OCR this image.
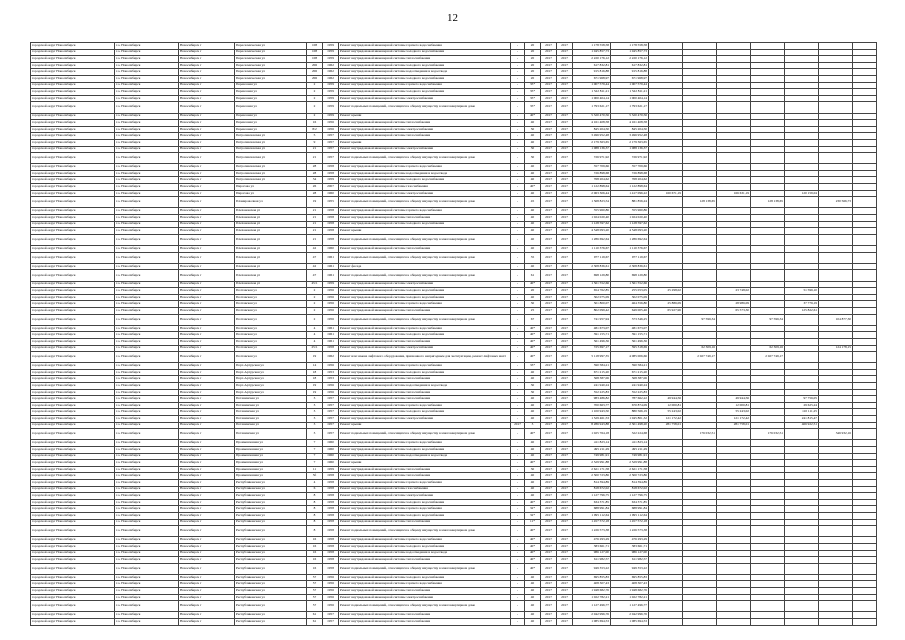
12
городской округ Новосибирск	г.о. Новосибирск	Новосибирск г	Переселенческая ул	108	1959	Ремонт внутридомовой инженерной системы горячего водоснабжения	-	20	2017	2017	1 178 558,58	1 178 558,58							
городской округ Новосибирск	г.о. Новосибирск	Новосибирск г	Переселенческая ул	108	1959	Ремонт внутридомовой инженерной системы холодного водоснабжения	-	20	2017	2017	1 045 857,73	1 045 857,73							
городской округ Новосибирск	г.о. Новосибирск	Новосибирск г	Переселенческая ул	108	1959	Ремонт внутридомовой инженерной системы теплоснабжения	-	20	2017	2017	2 220 176,12	2 220 176,12							
городской округ Новосибирск	г.о. Новосибирск	Новосибирск г	Переселенческая ул	206	1962	Ремонт внутридомовой инженерной системы холодного водоснабжения	-	20	2017	2017	617 832,81	617 832,81							
городской округ Новосибирск	г.о. Новосибирск	Новосибирск г	Переселенческая ул	206	1962	Ремонт внутридомовой инженерной системы водоотведения и водоотвода	-	20	2017	2017	915 816,88	915 816,88							
городской округ Новосибирск	г.о. Новосибирск	Новосибирск г	Переселенческая ул	206	1962	Ремонт внутридомовой инженерной системы холодного водоснабжения	-	20	2017	2017	671 968,97	671 968,97							
городской округ Новосибирск	г.о. Новосибирск	Новосибирск г	Перевозная ул	2	1959	Ремонт внутридомовой инженерной системы горячего водоснабжения	-	35*	2017	2017	1 007 579,44	1 007 579,44							
городской округ Новосибирск	г.о. Новосибирск	Новосибирск г	Перевозная ул	2	1959	Ремонт внутридомовой инженерной системы холодного водоснабжения	-	35*	2017	2017	1 522 811,21	1 522 811,21							
городской округ Новосибирск	г.о. Новосибирск	Новосибирск г	Перевозная ул	2	1959	Ремонт внутридомовой инженерной системы электроснабжения	-	35*	2017	2017	1 000 404,14	1 000 404,14							
городской округ Новосибирск	г.о. Новосибирск	Новосибирск г	Перевозная ул	2	1959	Ремонт подвальных помещений, относящихся к общему имуществу в многоквартирном доме	-	35*	2017	2017	1 793 621,17	1 793 621,17							
городской округ Новосибирск	г.о. Новосибирск	Новосибирск г	Перевозная ул	2	1959	Ремонт крыши	-	40*	2017	2017	5 320 470,56	5 320 470,56							
городской округ Новосибирск	г.о. Новосибирск	Новосибирск г	Перевозная ул	16	1956	Ремонт внутридомовой инженерной системы теплоснабжения	-	40	2017	2017	4 161 408,58	4 161 408,58							
городской округ Новосибирск	г.о. Новосибирск	Новосибирск г	Перевозная ул	8/2	1956	Ремонт внутридомовой инженерной системы электроснабжения	-	50	2017	2017	845 204,50	845 204,50							
городской округ Новосибирск	г.о. Новосибирск	Новосибирск г	Петропавловская ул	5	1957	Ремонт внутридомовой инженерной системы теплоснабжения	-	40	2017	2017	3 496 952,48	3 496 952,48							
городской округ Новосибирск	г.о. Новосибирск	Новосибирск г	Петропавловская ул	9	1957	Ремонт крыши	-	40	2017	2017	2 179 363,65	2 179 363,65							
городской округ Новосибирск	г.о. Новосибирск	Новосибирск г	Петропавловская ул	21	1957	Ремонт внутридомовой инженерной системы электроснабжения	-	30	2017	2017	1 088 136,37	1 088 136,37							
городской округ Новосибирск	г.о. Новосибирск	Новосибирск г	Петропавловская ул	21	1957	Ремонт подвальных помещений, относящихся к общему имуществу в многоквартирном доме	-	30	2017	2017	726 971,92	726 971,92							
городской округ Новосибирск	г.о. Новосибирск	Новосибирск г	Петропавловская ул	28	1958	Ремонт внутридомовой инженерной системы горячего водоснабжения	-	40	2017	2017	357 709,66	357 709,66							
городской округ Новосибирск	г.о. Новосибирск	Новосибирск г	Петропавловская ул	28	1958	Ремонт внутридомовой инженерной системы водоотведения и водоотвода	-	40	2017	2017	726 898,68	726 898,68							
городской округ Новосибирск	г.о. Новосибирск	Новосибирск г	Петропавловская ул	34	1959	Ремонт внутридомовой инженерной системы холодного водоснабжения	-	40	2017	2017	768 204,62	768 204,62							
городской округ Новосибирск	г.о. Новосибирск	Новосибирск г	Пирогова ул	26	2007	Ремонт внутридомовой инженерной системы газоснабжения	-	40*	2017	2017	1 122 898,64	1 122 898,64							
городской округ Новосибирск	г.о. Новосибирск	Новосибирск г	Пирогова ул	28	1960	Ремонт внутридомовой инженерной системы электроснабжения	-	40	2017	2017	2 063 306,44	1 417 096,22	160 671,19		166 631,19		120 159,04		
городской округ Новосибирск	г.о. Новосибирск	Новосибирск г	Планировочная ул	19	1955	Ремонт подвальных помещений, относящихся к общему имуществу в многоквартирном доме	-	45	2017	2017	1 568 823,54	881 856,24		128 138,65		128 138,65		230 566,73	
городской округ Новосибирск	г.о. Новосибирск	Новосибирск г	Плехановская ул	21	1958	Ремонт внутридомовой инженерной системы горячего водоснабжения	-	40	2017	2017	355 960,86	355 960,86							
городской округ Новосибирск	г.о. Новосибирск	Новосибирск г	Плехановская ул	21	1958	Ремонт внутридомовой инженерной системы теплоснабжения	-	40	2017	2017	1 024 020,40	1 024 020,40							
городской округ Новосибирск	г.о. Новосибирск	Новосибирск г	Плехановская ул	21	1958	Ремонт внутридомовой инженерной системы холодного водоснабжения	-	40	2017	2017	1 128 597,62	1 128 597,62							
городской округ Новосибирск	г.о. Новосибирск	Новосибирск г	Плехановская ул	21	1958	Ремонт крыши	-	40	2017	2017	4 548 093,20	4 548 093,20							
городской округ Новосибирск	г.о. Новосибирск	Новосибирск г	Плехановская ул	21	1958	Ремонт подвальных помещений, относящихся к общему имуществу в многоквартирном доме	-	40	2017	2017	1 286 692,64	1 286 692,64							
городской округ Новосибирск	г.о. Новосибирск	Новосибирск г	Плехановская ул	42	1960	Ремонт внутридомовой инженерной системы теплоснабжения	-	40	2017	2017	1 110 376,67	1 110 376,67							
городской округ Новосибирск	г.о. Новосибирск	Новосибирск г	Плехановская ул	47	1961	Ремонт подвальных помещений, относящихся к общему имуществу в многоквартирном доме	-	35	2017	2017	977 119,67	977 119,67							
городской округ Новосибирск	г.о. Новосибирск	Новосибирск г	Плехановская ул	42	1961	Ремонт фасада	-	40	2017	2017	2 308 836,61	2 308 836,61							
городской округ Новосибирск	г.о. Новосибирск	Новосибирск г	Плехановская ул	47	1961	Ремонт подвальных помещений, относящихся к общему имуществу в многоквартирном доме	-	61	2017	2017	698 129,80	698 129,80							
городской округ Новосибирск	г.о. Новосибирск	Новосибирск г	Плехановская ул	45/1	1959	Ремонт внутридомовой инженерной системы электроснабжения	-	40*	2017	2017	1 561 552,66	1 561 552,66							
городской округ Новосибирск	г.о. Новосибирск	Новосибирск г	Полтавская ул	2	1956	Ремонт внутридомовой инженерной системы холодного водоснабжения	-	20	2017	2017	654 762,85	255 053,05	25 298,02		23 748,02		51 596,10		
городской округ Новосибирск	г.о. Новосибирск	Новосибирск г	Полтавская ул	2	1956	Ремонт внутридомовой инженерной системы холодного водоснабжения	-	40	2017	2017	302 075,09	302 075,09							
городской округ Новосибирск	г.о. Новосибирск	Новосибирск г	Полтавская ул	2	1956	Ремонт внутридомовой инженерной системы горячего водоснабжения	-	30	2017	2017	501 800,07	464 356,80	25 886,09		28 986,09		37 776,19		
городской округ Новосибирск	г.о. Новосибирск	Новосибирск г	Полтавская ул	2	1956	Ремонт внутридомовой инженерной системы теплоснабжения	-	25	2017	2017	802 099,42	649 005,46	65 927,96		65 573,30		125 822,61		
городской округ Новосибирск	г.о. Новосибирск	Новосибирск г	Полтавская ул	2	1956	Ремонт подвальных помещений, относящихся к общему имуществу в многоквартирном доме	-	67	2017	2017	741 957,94	373 346,25		97 596,34		97 596,34		104 877,30	
городской округ Новосибирск	г.о. Новосибирск	Новосибирск г	Полтавская ул	4	1961	Ремонт внутридомовой инженерной системы горячего водоснабжения	-	40*	2017	2017	481 673,07	481 673,07							
городской округ Новосибирск	г.о. Новосибирск	Новосибирск г	Полтавская ул	4	1961	Ремонт внутридомовой инженерной системы холодного водоснабжения	-	40*	2017	2017	391 155,71	391 155,71							
городской округ Новосибирск	г.о. Новосибирск	Новосибирск г	Полтавская ул	4	1961	Ремонт внутридомовой инженерной системы теплоснабжения	-	40*	2017	2017	561 496,36	561 496,36							
городской округ Новосибирск	г.о. Новосибирск	Новосибирск г	Полтавская ул	25/1	1958	Ремонт внутридомовой инженерной системы электроснабжения	-	40*	2017	2017	725 697,17	595 318,69		62 309,16		62 309,16		124 178,15	
городской округ Новосибирск	г.о. Новосибирск	Новосибирск г	Полтавская ул	19	1962	Ремонт или замена лифтового оборудования, признанного непригодным для эксплуатации, ремонт лифтовых шахт	-	40*	2017	2017	5 118 997,35	4 085 006,66		2 027 749,17		2 027 749,17			
городской округ Новосибирск	г.о. Новосибирск	Новосибирск г	Порт-Артурская ул	14	1956	Ремонт внутридомовой инженерной системы горячего водоснабжения	-	33*	2017	2017	590 584,21	590 584,21							
городской округ Новосибирск	г.о. Новосибирск	Новосибирск г	Порт-Артурская ул	18	1953	Ремонт внутридомовой инженерной системы холодного водоснабжения	-	40	2017	2017	671 215,20	671 215,20							
городской округ Новосибирск	г.о. Новосибирск	Новосибирск г	Порт-Артурская ул	18	1953	Ремонт внутридомовой инженерной системы теплоснабжения	-	40	2017	2017	568 387,06	568 387,06							
городской округ Новосибирск	г.о. Новосибирск	Новосибирск г	Порт-Артурская ул	19	1956	Ремонт внутридомовой инженерной системы водоотведения и водоотвода	-	30	2017	2017	241 940,24	241 940,24							
городской округ Новосибирск	г.о. Новосибирск	Новосибирск г	Порт-Артурская ул	19	1956	Ремонт внутридомовой инженерной системы теплоснабжения	-	30	2017	2017	552 225,83	552 225,83							
городской округ Новосибирск	г.о. Новосибирск	Новосибирск г	Потанинская ул	3	1957	Ремонт внутридомовой инженерной системы теплоснабжения	-	40	2017	2017	983 486,82	787 662,22	49 944,56		49 944,56		97 756,05		
городской округ Новосибирск	г.о. Новосибирск	Новосибирск г	Потанинская ул	3	1957	Ремонт внутридомовой инженерной системы горячего водоснабжения	-	40	2017	2017	700 663,77	670 874,09	12 000,81		12 000,81		29 625,24		
городской округ Новосибирск	г.о. Новосибирск	Новосибирск г	Потанинская ул	3	1957	Ремонт внутридомовой инженерной системы холодного водоснабжения	-	40	2017	2017	1 100 943,50	880 566,19	55 243,02		55 243,02		110 111,25		
городской округ Новосибирск	г.о. Новосибирск	Новосибирск г	Потанинская ул	3	1957	Ремонт внутридомовой инженерной системы электроснабжения	-	40	2017	2017	1 529 461,53	1 045 801,32	121 172,42		121 172,42		241 815,47		
городской округ Новосибирск	г.о. Новосибирск	Новосибирск г	Потанинская ул	3	1957	Ремонт крыши	2017	3	2017	2017	8 286 943,88	2 301 498,20	281 758,01		281 758,01		466 922,51		
городской округ Новосибирск	г.о. Новосибирск	Новосибирск г	Потанинская ул	3	1957	Ремонт подвальных помещений, относящихся к общему имуществу в многоквартирном доме	-	40*	2017	2017	1 025 764,18	322 224,68		176 032,51		176 032,51		346 932,16	
городской округ Новосибирск	г.о. Новосибирск	Новосибирск г	Промышленная ул	7	1960	Ремонт внутридомовой инженерной системы горячего водоснабжения	-	40	2017	2017	411 823,14	411 823,14							
городской округ Новосибирск	г.о. Новосибирск	Новосибирск г	Промышленная ул	7	1960	Ремонт внутридомовой инженерной системы холодного водоснабжения	-	40	2017	2017	495 211,29	495 211,29							
городской округ Новосибирск	г.о. Новосибирск	Новосибирск г	Промышленная ул	7	1960	Ремонт внутридомовой инженерной системы водоотведения и водоотвода	-	40	2017	2017	749 981,91	749 981,91							
городской округ Новосибирск	г.о. Новосибирск	Новосибирск г	Промышленная ул	7	1960	Ремонт крыши	-	40*	2017	2017	2 529 991,88	2 529 991,88							
городской округ Новосибирск	г.о. Новосибирск	Новосибирск г	Промышленная ул	11	1959	Ремонт внутридомовой инженерной системы теплоснабжения	-	30	2017	2017	2 621 171,58	2 621 171,58							
городской округ Новосибирск	г.о. Новосибирск	Новосибирск г	Промышленная ул	5б	1958	Ремонт внутридомовой инженерной системы теплоснабжения	-	40	2017	2017	2 500 723,86	2 500 723,86							
городской округ Новосибирск	г.о. Новосибирск	Новосибирск г	Республиканская ул	4	1958	Ремонт внутридомовой инженерной системы горячего водоснабжения	-	40	2017	2017	814 394,89	814 394,89							
городской округ Новосибирск	г.о. Новосибирск	Новосибирск г	Республиканская ул	6	1958	Ремонт внутридомовой инженерной системы газоснабжения	-	40	2017	2017	818 672,02	818 672,02							
городской округ Новосибирск	г.о. Новосибирск	Новосибирск г	Республиканская ул	8	1958	Ремонт внутридомовой инженерной системы электроснабжения	-	40	2017	2017	1 127 796,75	1 127 796,75							
городской округ Новосибирск	г.о. Новосибирск	Новосибирск г	Республиканская ул	8	1958	Ремонт внутридомовой инженерной системы холодного водоснабжения	-	40*	2017	2017	634 371,85	634 371,85							
городской округ Новосибирск	г.о. Новосибирск	Новосибирск г	Республиканская ул	8	1958	Ремонт внутридомовой инженерной системы горячего водоснабжения	-	32*	2017	2017	688 991,84	688 991,84							
городской округ Новосибирск	г.о. Новосибирск	Новосибирск г	Республиканская ул	8	1958	Ремонт внутридомовой инженерной системы холодного водоснабжения	-	32*	2017	2017	1 095 112,64	1 095 112,64							
городской округ Новосибирск	г.о. Новосибирск	Новосибирск г	Республиканская ул	8	1958	Ремонт внутридомовой инженерной системы теплоснабжения	-	11*	2017	2017	1 457 572,18	1 457 572,18							
городской округ Новосибирск	г.о. Новосибирск	Новосибирск г	Республиканская ул	8	1958	Ремонт подвальных помещений, относящихся к общему имуществу в многоквартирном доме	-	40*	2017	2017	1 226 573,38	1 226 573,38							
городской округ Новосибирск	г.о. Новосибирск	Новосибирск г	Республиканская ул	16	1958	Ремонт внутридомовой инженерной системы горячего водоснабжения	-	40*	2017	2017	476 293,29	476 293,29							
городской округ Новосибирск	г.о. Новосибирск	Новосибирск г	Республиканская ул	16	1958	Ремонт внутридомовой инженерной системы холодного водоснабжения	-	40*	2017	2017	383 661,71	383 661,71							
городской округ Новосибирск	г.о. Новосибирск	Новосибирск г	Республиканская ул	16	1958	Ремонт внутридомовой инженерной системы водоотведения и водоотвода	-	40*	2017	2017	986 127,00	986 127,00							
городской округ Новосибирск	г.о. Новосибирск	Новосибирск г	Республиканская ул	16	1958	Ремонт внутридомовой инженерной системы теплоснабжения	-	40*	2017	2017	611 982,57	611 982,57							
городской округ Новосибирск	г.о. Новосибирск	Новосибирск г	Республиканская ул	16	1958	Ремонт подвальных помещений, относящихся к общему имуществу в многоквартирном доме	-	40*	2017	2017	949 353,22	949 353,22							
городской округ Новосибирск	г.о. Новосибирск	Новосибирск г	Республиканская ул	57	1956	Ремонт внутридомовой инженерной системы холодного водоснабжения	-	40	2017	2017	695 855,83	695 855,83							
городской округ Новосибирск	г.о. Новосибирск	Новосибирск г	Республиканская ул	57	1956	Ремонт внутридомовой инженерной системы горячего водоснабжения	-	40	2017	2017	408 307,43	408 307,43							
городской округ Новосибирск	г.о. Новосибирск	Новосибирск г	Республиканская ул	57	1956	Ремонт внутридомовой инженерной системы теплоснабжения	-	40	2017	2017	1 948 682,76	1 948 682,76							
городской округ Новосибирск	г.о. Новосибирск	Новосибирск г	Республиканская ул	57	1956	Ремонт внутридомовой инженерной системы электроснабжения	-	40	2017	2017	1 022 782,21	1 022 782,21							
городской округ Новосибирск	г.о. Новосибирск	Новосибирск г	Республиканская ул	57	1956	Ремонт подвальных помещений, относящихся к общему имуществу в многоквартирном доме	-	40	2017	2017	1 127 496,77	1 127 496,77							
городской округ Новосибирск	г.о. Новосибирск	Новосибирск г	Республиканская ул	61	1957	Ремонт внутридомовой инженерной системы теплоснабжения	-	40	2017	2017	2 042 996,76	2 042 996,76							
городской округ Новосибирск	г.о. Новосибирск	Новосибирск г	Республиканская ул	61	1957	Ремонт внутридомовой инженерной системы теплоснабжения	-	40	2017	2017	1 085 694,53	1 085 694,53							
